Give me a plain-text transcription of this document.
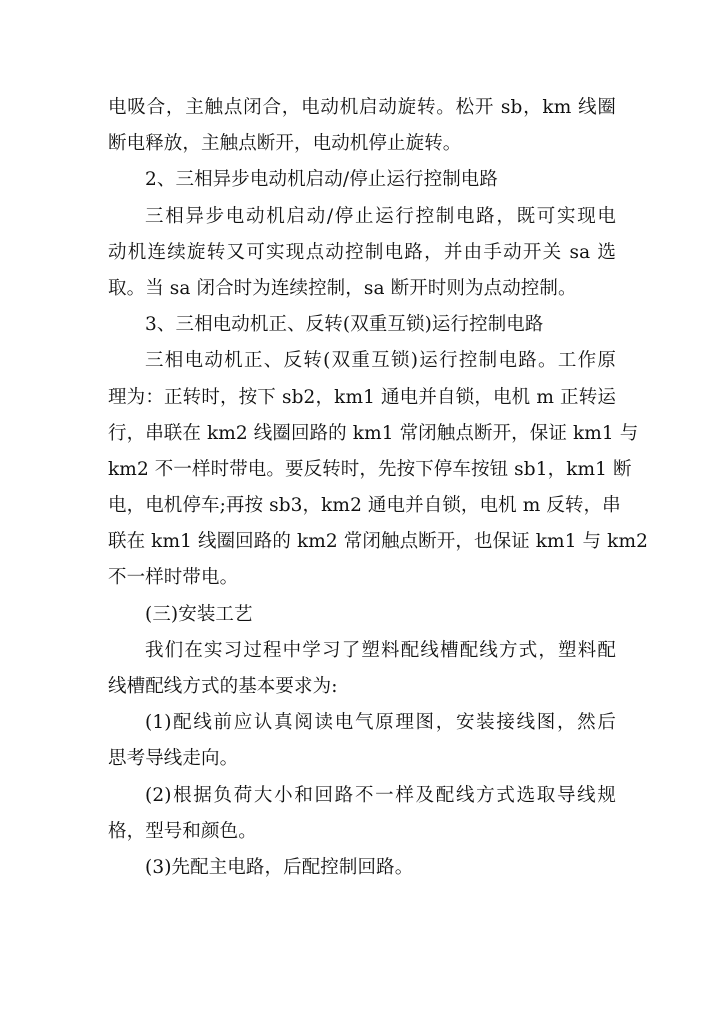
电吸合，主触点闭合，电动机启动旋转。松开 sb，km 线圈
断电释放，主触点断开，电动机停止旋转。
2、三相异步电动机启动/停止运行控制电路
三相异步电动机启动/停止运行控制电路，既可实现电
动机连续旋转又可实现点动控制电路，并由手动开关 sa 选
取。当 sa 闭合时为连续控制，sa 断开时则为点动控制。
3、三相电动机正、反转(双重互锁)运行控制电路
三相电动机正、反转(双重互锁)运行控制电路。工作原
理为：正转时，按下 sb2，km1 通电并自锁，电机 m 正转运
行，串联在 km2 线圈回路的 km1 常闭触点断开，保证 km1 与
km2 不一样时带电。要反转时，先按下停车按钮 sb1，km1 断
电，电机停车;再按 sb3，km2 通电并自锁，电机 m 反转，串
联在 km1 线圈回路的 km2 常闭触点断开，也保证 km1 与 km2
不一样时带电。
(三)安装工艺
我们在实习过程中学习了塑料配线槽配线方式，塑料配
线槽配线方式的基本要求为:
(1)配线前应认真阅读电气原理图，安装接线图，然后
思考导线走向。
(2)根据负荷大小和回路不一样及配线方式选取导线规
格，型号和颜色。
(3)先配主电路，后配控制回路。
